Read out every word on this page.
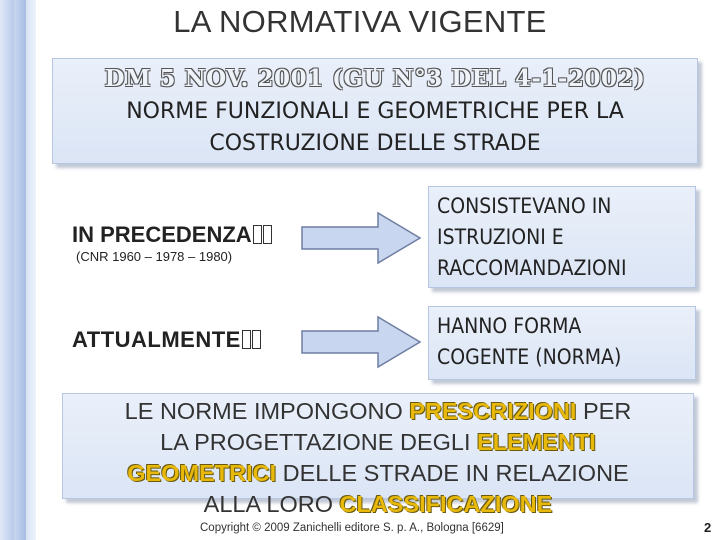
LA NORMATIVA VIGENTE
DM 5 NOV. 2001 (GU N°3 DEL 4-1-2002)
NORME FUNZIONALI E GEOMETRICHE PER LA
COSTRUZIONE DELLE STRADE
IN PRECEDENZA
(CNR 1960 – 1978 – 1980)
CONSISTEVANO IN
ISTRUZIONI E
RACCOMANDAZIONI
ATTUALMENTE
HANNO FORMA
COGENTE (NORMA)
LE NORME IMPONGONO PRESCRIZIONI PER
LA PROGETTAZIONE DEGLI ELEMENTI
GEOMETRICI DELLE STRADE IN RELAZIONE
ALLA LORO CLASSIFICAZIONE
Copyright © 2009 Zanichelli editore S. p. A., Bologna [6629]	2
